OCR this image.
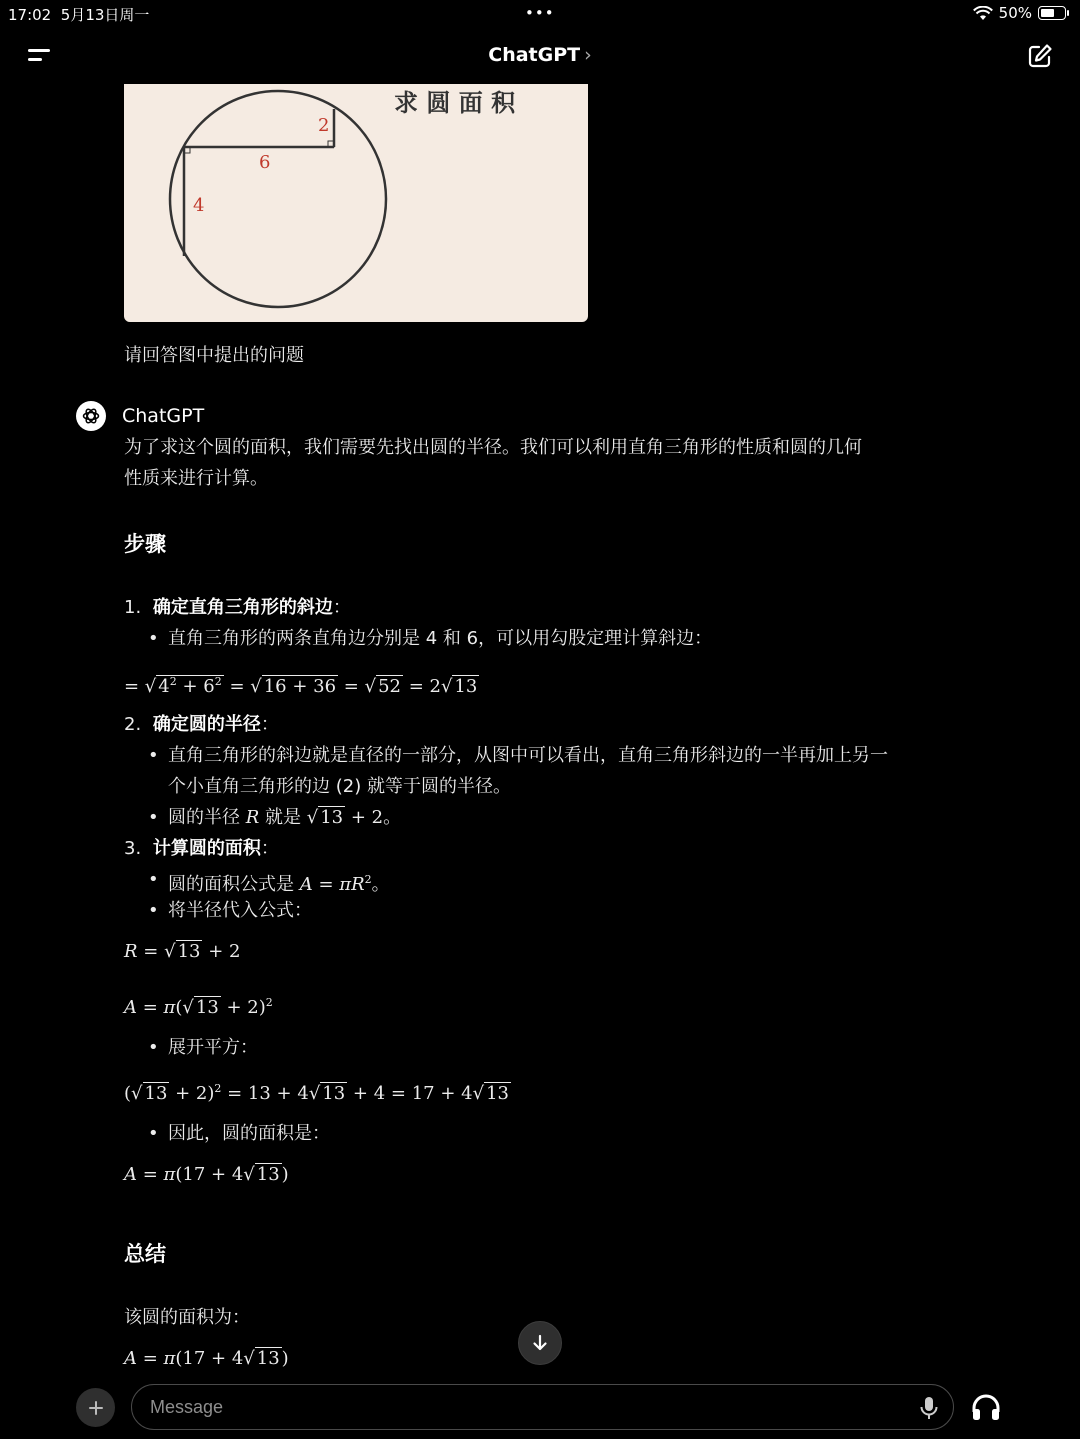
17:02 5月13日周一	•••	50%
ChatGPT ›
2
6
4
求 圆 面 积
请回答图中提出的问题
ChatGPT
为了求这个圆的面积，我们需要先找出圆的半径。我们可以利用直角三角形的性质和圆的几何
性质来进行计算。
步骤
1. 确定直角三角形的斜边：
• 直角三角形的两条直角边分别是 4 和 6，可以用勾股定理计算斜边：
= √ $4^2 + 6^2$ = √ 16 + 36 = √ 52 = 2√ 13
2. 确定圆的半径：
• 直角三角形的斜边就是直径的一部分，从图中可以看出，直角三角形斜边的一半再加上另一
个小直角三角形的边 (2) 就等于圆的半径。
• 圆的半径 R 就是 √ 13 + 2。
3. 计算圆的面积：
• 圆的面积公式是 $A = \pi R^2$。
• 将半径代入公式：
R = √ 13 + 2
A = π(√ 13 + 2)$^2$
• 展开平方：
(√ 13 + 2)$^2$ = 13 + 4√ 13 + 4 = 17 + 4√ 13
• 因此，圆的面积是：
A = π(17 + 4√ 13 )
总结
该圆的面积为：
A = π(17 + 4√ 13 )
Message
